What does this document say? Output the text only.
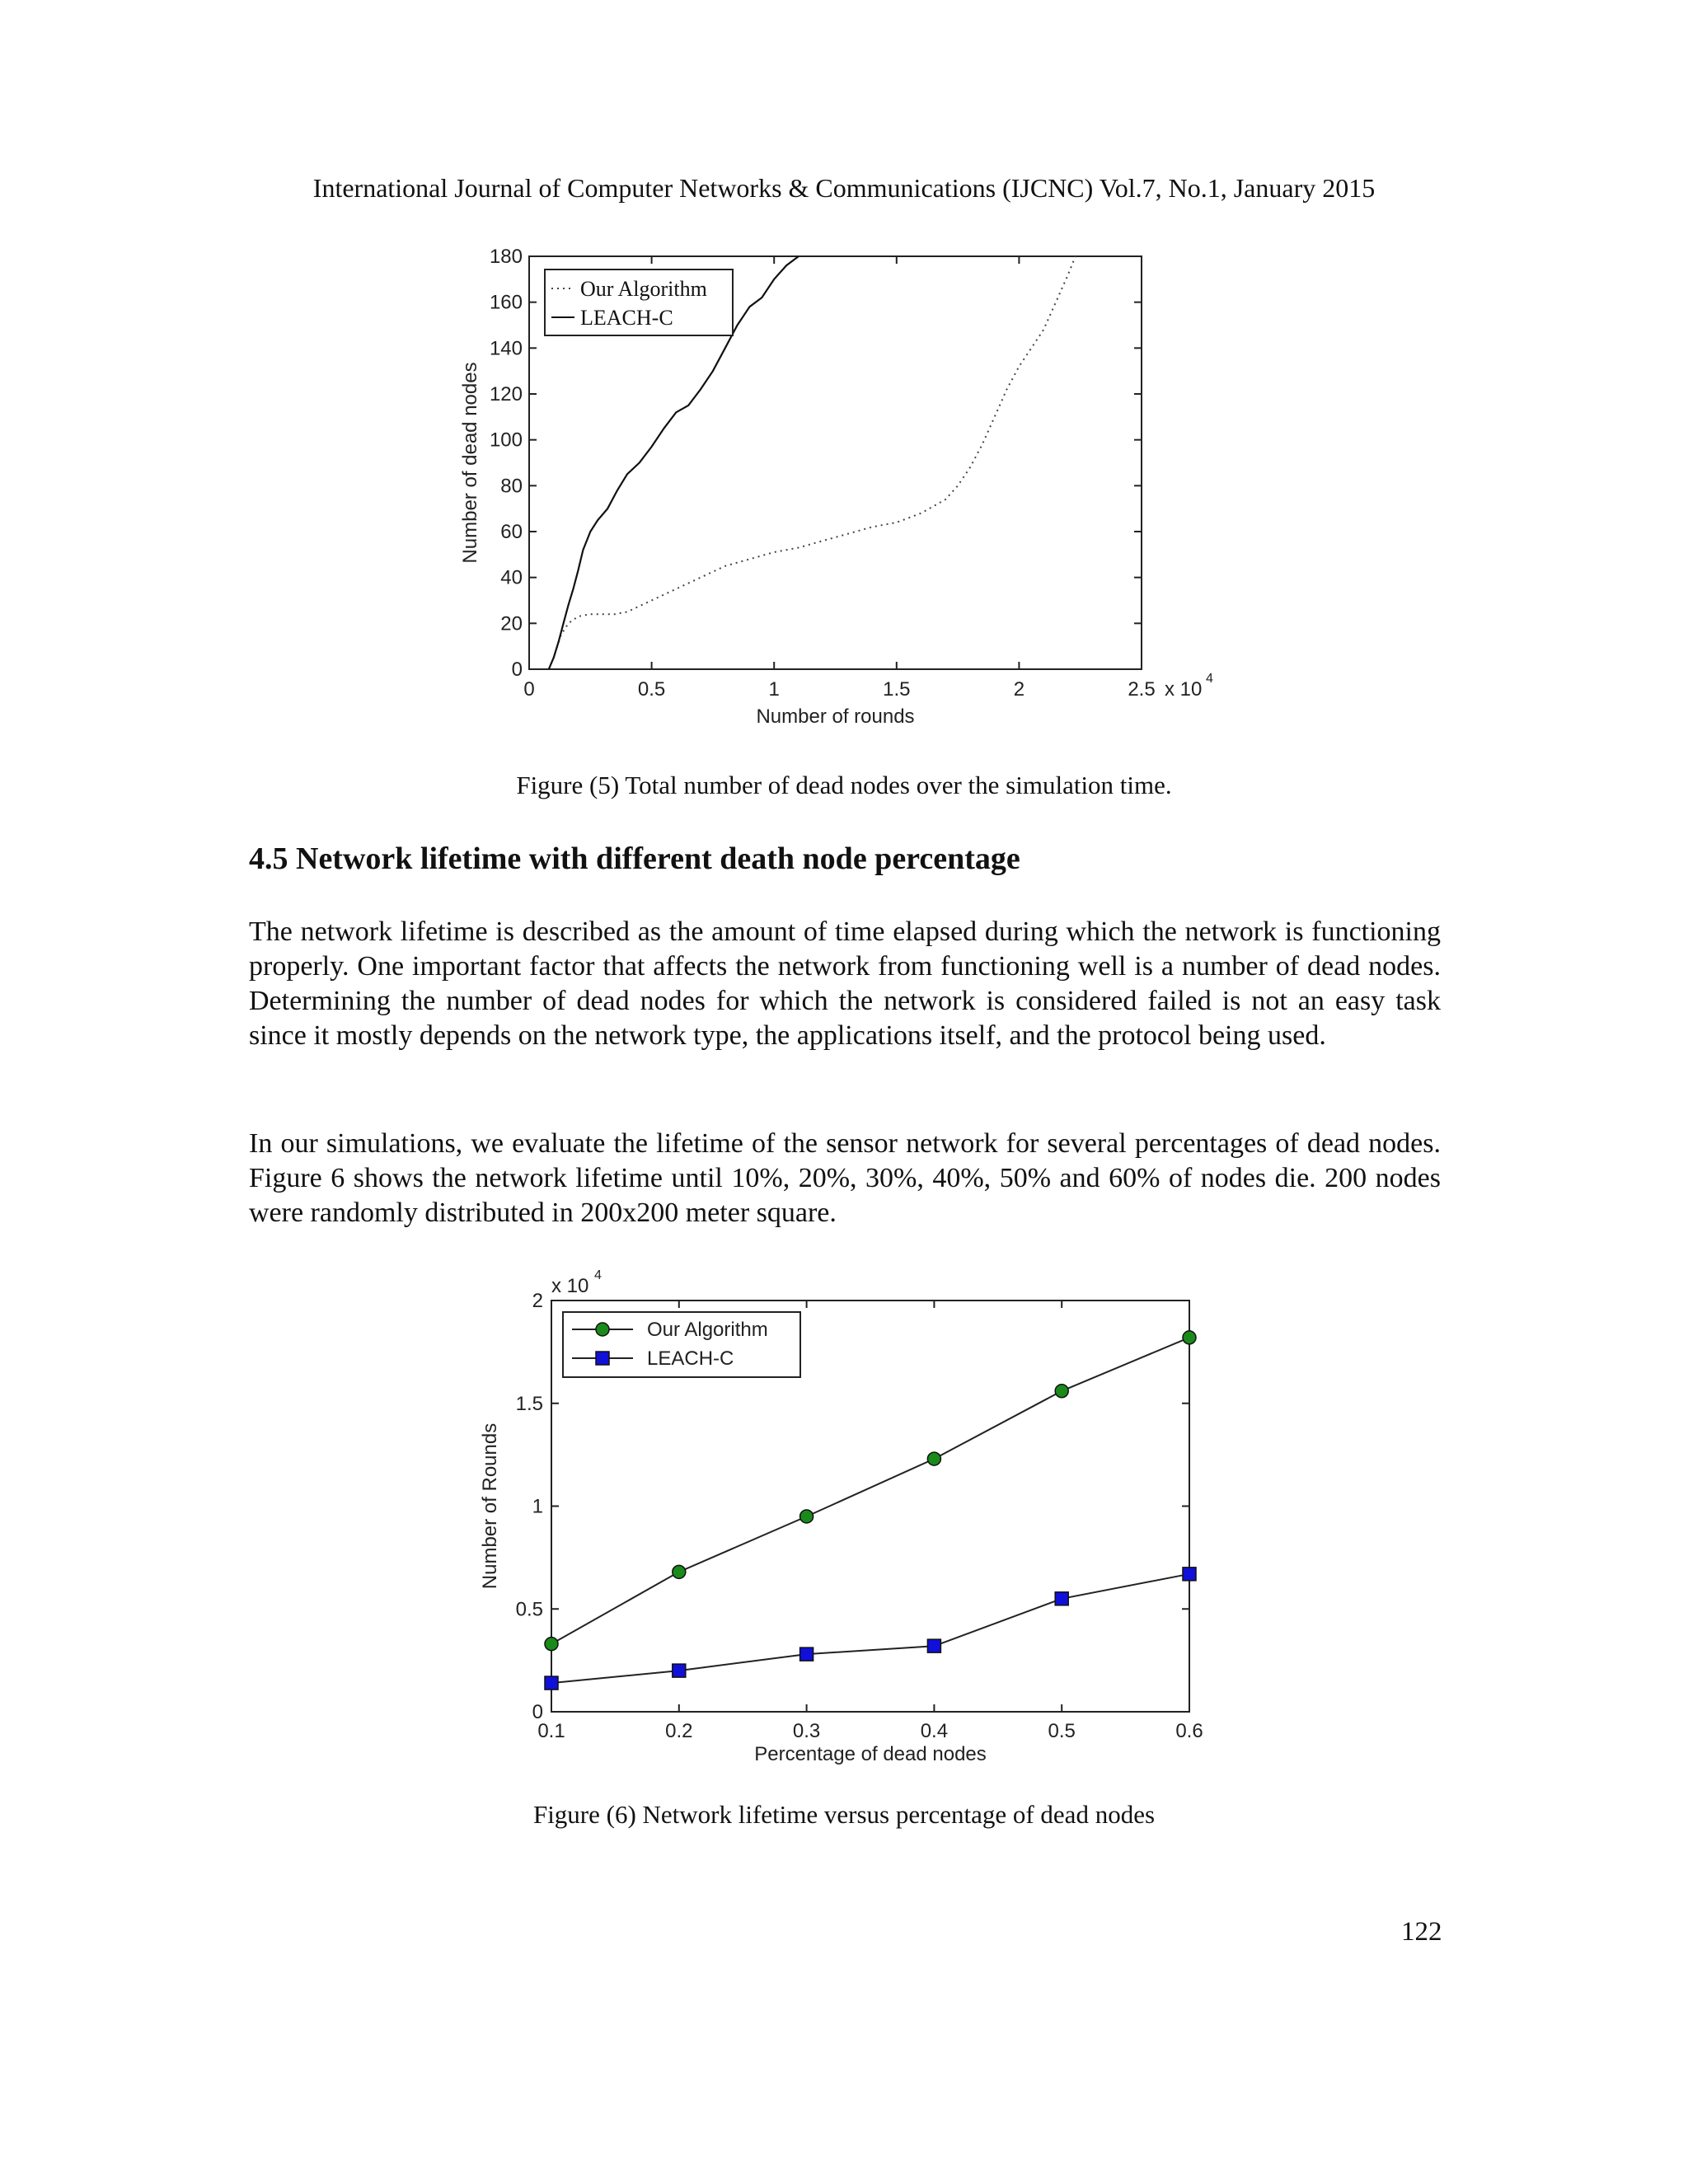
International Journal of Computer Networks & Communications (IJCNC) Vol.7, No.1, January 2015
0	0.5	1	1.5	2	2.5
0
20
40
60
80
100
120
140
160
180
x 10 4
Number of rounds
Number of dead nodes
Our Algorithm
LEACH-C
Figure (5) Total number of dead nodes over the simulation time.
4.5 Network lifetime with different death node percentage

The network lifetime is described as the amount of time elapsed during which the network is functioning properly. One important factor that affects the network from functioning well is a number of dead nodes. Determining the number of dead nodes for which the network is considered failed is not an easy task since it mostly depends on the network type, the applications itself, and the protocol being used.

In our simulations, we evaluate the lifetime of the sensor network for several percentages of dead nodes. Figure 6 shows the network lifetime until 10%, 20%, 30%, 40%, 50% and 60% of nodes die. 200 nodes were randomly distributed in 200x200 meter square.

0.1	0.2	0.3	0.4	0.5	0.6
0
0.5
1
1.5
2
x 10 4
Percentage of dead nodes
Number of Rounds
Our Algorithm
LEACH-C
Figure (6) Network lifetime versus percentage of dead nodes
122
